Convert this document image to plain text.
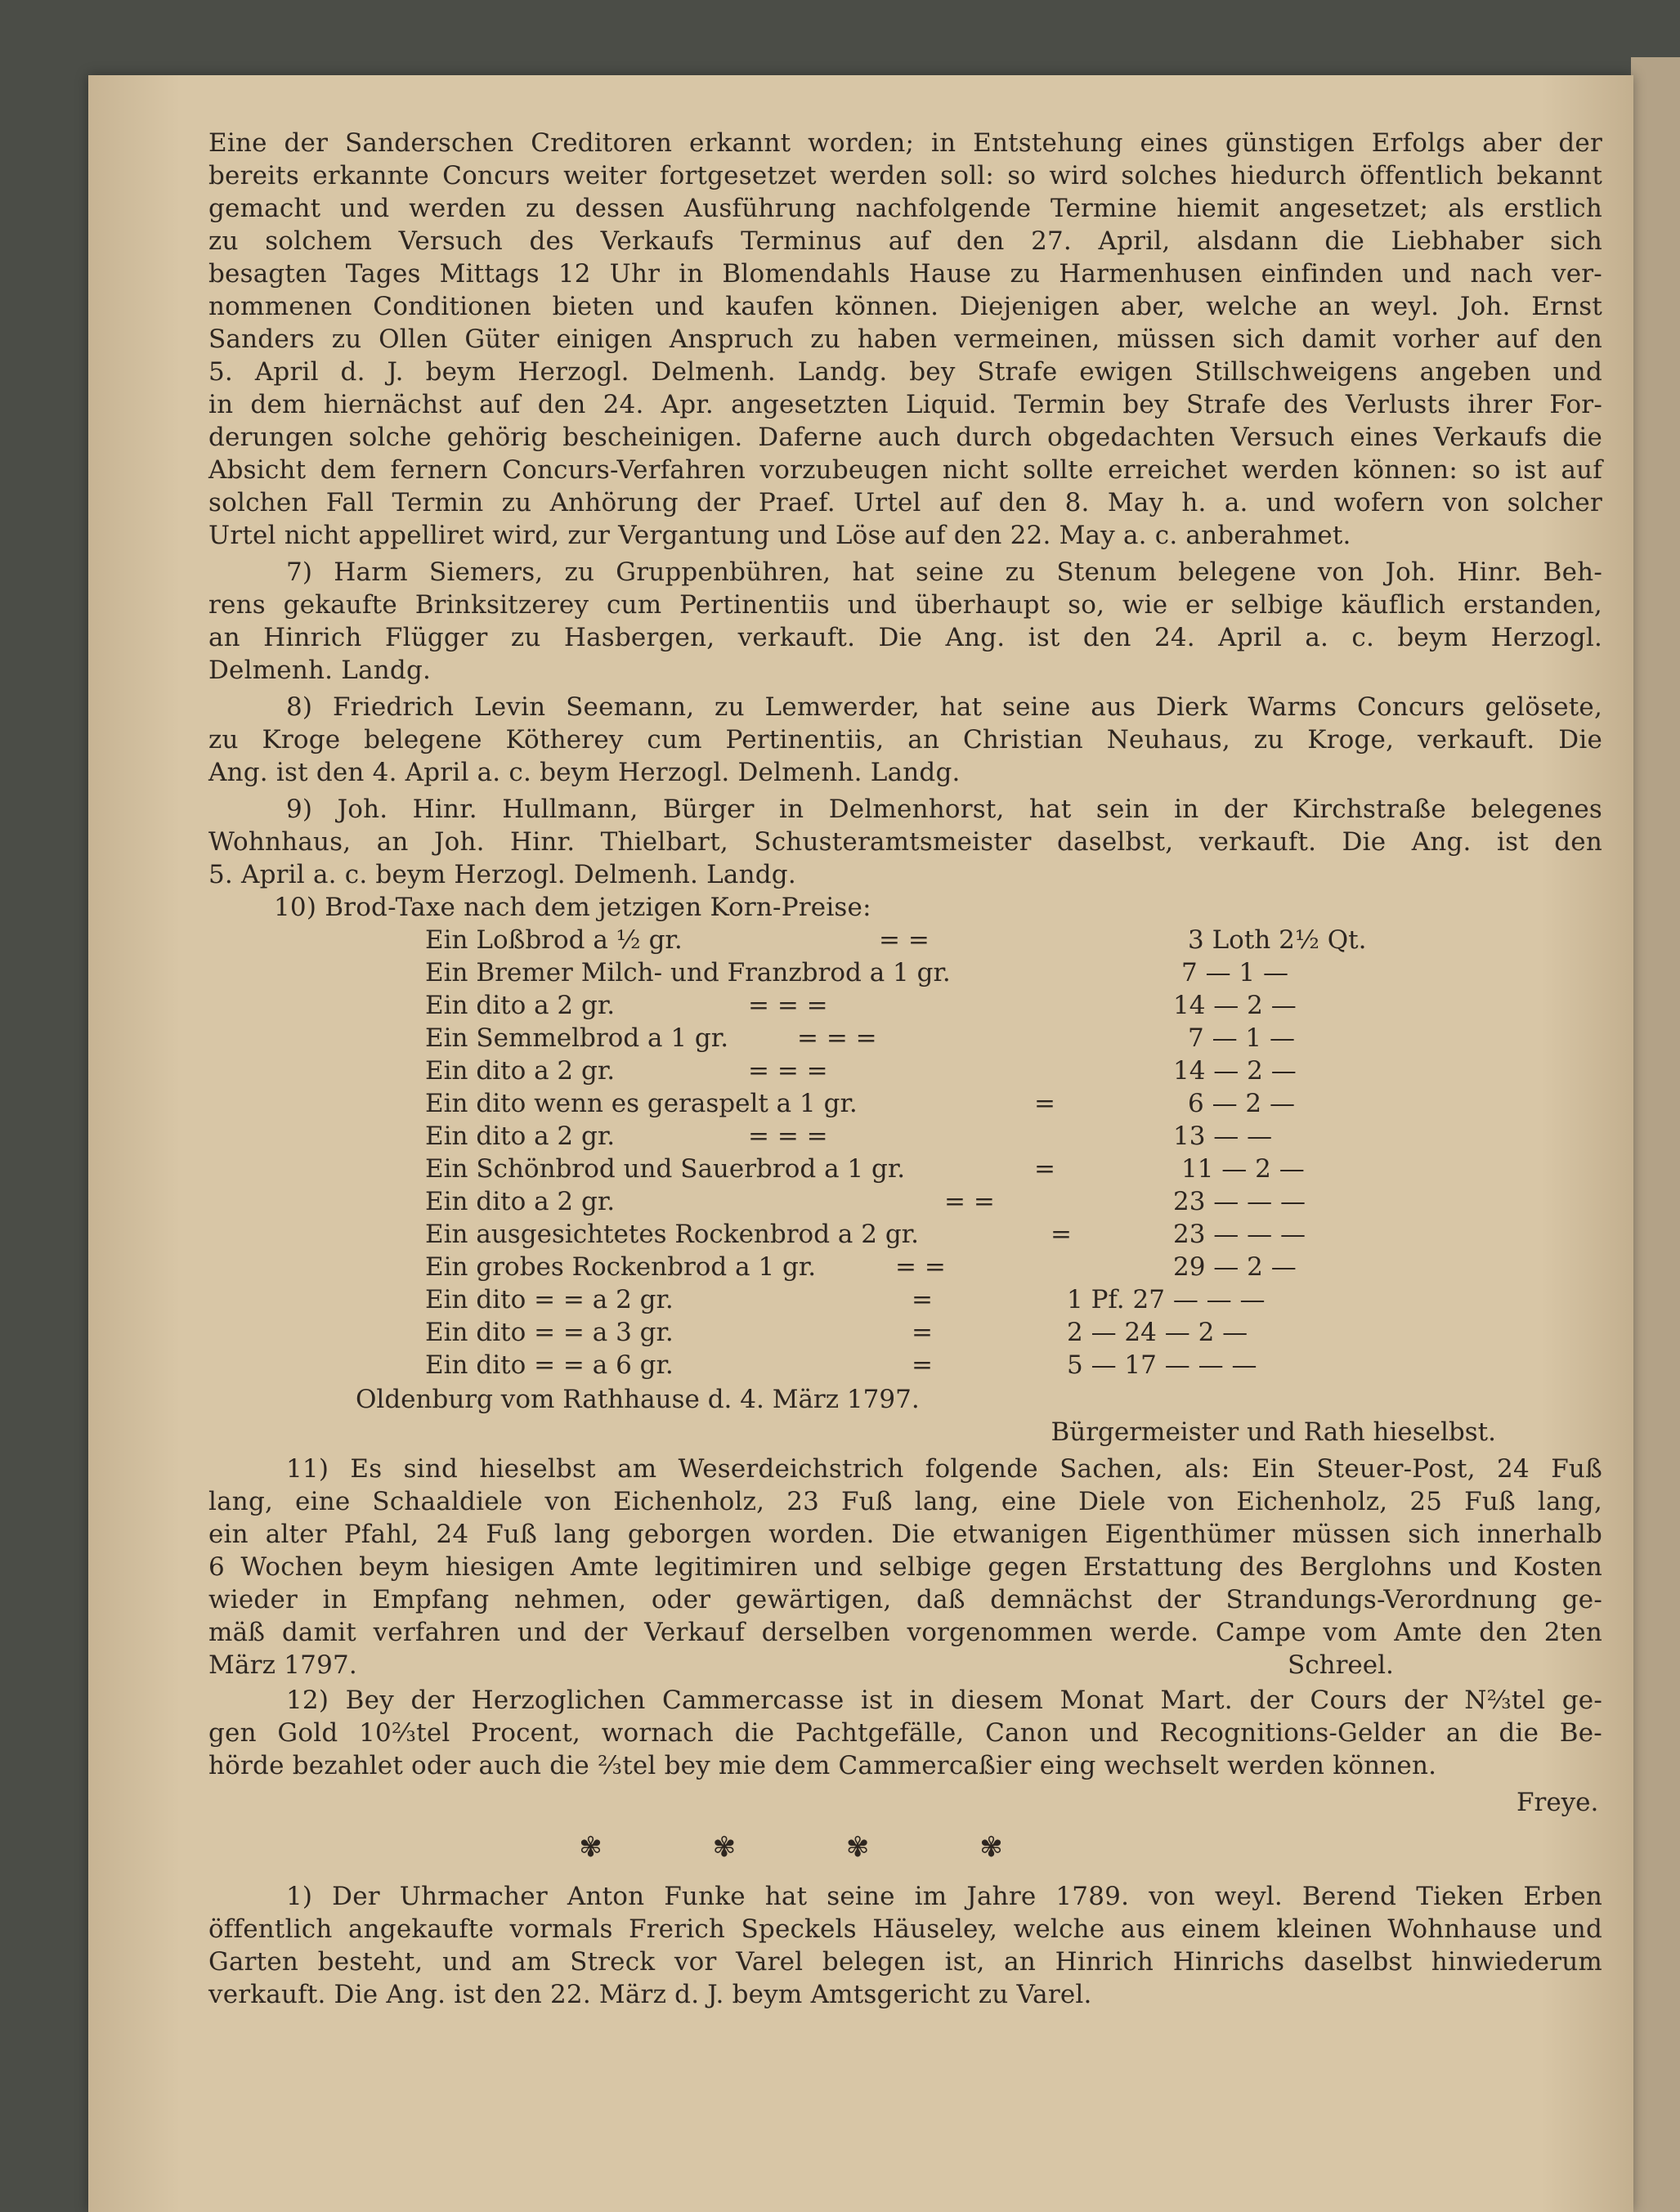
Eine der Sanderschen Creditoren erkannt worden; in Entstehung eines günstigen Erfolgs aber der
bereits erkannte Concurs weiter fortgesetzet werden soll: so wird solches hiedurch öffentlich bekannt
gemacht und werden zu dessen Ausführung nachfolgende Termine hiemit angesetzet; als erstlich
zu solchem Versuch des Verkaufs Terminus auf den 27. April, alsdann die Liebhaber sich
besagten Tages Mittags 12 Uhr in Blomendahls Hause zu Harmenhusen einfinden und nach ver-
nommenen Conditionen bieten und kaufen können. Diejenigen aber, welche an weyl. Joh. Ernst
Sanders zu Ollen Güter einigen Anspruch zu haben vermeinen, müssen sich damit vorher auf den
5. April d. J. beym Herzogl. Delmenh. Landg. bey Strafe ewigen Stillschweigens angeben und
in dem hiernächst auf den 24. Apr. angesetzten Liquid. Termin bey Strafe des Verlusts ihrer For-
derungen solche gehörig bescheinigen. Daferne auch durch obgedachten Versuch eines Verkaufs die
Absicht dem fernern Concurs-Verfahren vorzubeugen nicht sollte erreichet werden können: so ist auf
solchen Fall Termin zu Anhörung der Praef. Urtel auf den 8. May h. a. und wofern von solcher
Urtel nicht appelliret wird, zur Vergantung und Löse auf den 22. May a. c. anberahmet.
7) Harm Siemers, zu Gruppenbühren, hat seine zu Stenum belegene von Joh. Hinr. Beh-
rens gekaufte Brinksitzerey cum Pertinentiis und überhaupt so, wie er selbige käuflich erstanden,
an Hinrich Flügger zu Hasbergen, verkauft. Die Ang. ist den 24. April a. c. beym Herzogl.
Delmenh. Landg.
8) Friedrich Levin Seemann, zu Lemwerder, hat seine aus Dierk Warms Concurs gelösete,
zu Kroge belegene Kötherey cum Pertinentiis, an Christian Neuhaus, zu Kroge, verkauft. Die
Ang. ist den 4. April a. c. beym Herzogl. Delmenh. Landg.
9) Joh. Hinr. Hullmann, Bürger in Delmenhorst, hat sein in der Kirchstraße belegenes
Wohnhaus, an Joh. Hinr. Thielbart, Schusteramtsmeister daselbst, verkauft. Die Ang. ist den
5. April a. c. beym Herzogl. Delmenh. Landg.
10) Brod-Taxe nach dem jetzigen Korn-Preise:
Ein Loßbrod a ½ gr.	= =	3 Loth 2½ Qt.
Ein Bremer Milch- und Franzbrod a 1 gr.	7 — 1 —
Ein dito a 2 gr.	= = =	14 — 2 —
Ein Semmelbrod a 1 gr.	= = =	7 — 1 —
Ein dito a 2 gr.	= = =	14 — 2 —
Ein dito wenn es geraspelt a 1 gr.	=	6 — 2 —
Ein dito a 2 gr.	= = =	13 — —
Ein Schönbrod und Sauerbrod a 1 gr.	=	11 — 2 —
Ein dito a 2 gr.	= =	23 — — —
Ein ausgesichtetes Rockenbrod a 2 gr.	=	23 — — —
Ein grobes Rockenbrod a 1 gr.	= =	29 — 2 —
Ein dito = = a 2 gr.	=	1 Pf. 27 — — —
Ein dito = = a 3 gr.	=	2 — 24 — 2 —
Ein dito = = a 6 gr.	=	5 — 17 — — —
Oldenburg vom Rathhause d. 4. März 1797.
Bürgermeister und Rath hieselbst.
11) Es sind hieselbst am Weserdeichstrich folgende Sachen, als: Ein Steuer-Post, 24 Fuß
lang, eine Schaaldiele von Eichenholz, 23 Fuß lang, eine Diele von Eichenholz, 25 Fuß lang,
ein alter Pfahl, 24 Fuß lang geborgen worden. Die etwanigen Eigenthümer müssen sich innerhalb
6 Wochen beym hiesigen Amte legitimiren und selbige gegen Erstattung des Berglohns und Kosten
wieder in Empfang nehmen, oder gewärtigen, daß demnächst der Strandungs-Verordnung ge-
mäß damit verfahren und der Verkauf derselben vorgenommen werde. Campe vom Amte den 2ten
März 1797.	Schreel.
12) Bey der Herzoglichen Cammercasse ist in diesem Monat Mart. der Cours der N⅔tel ge-
gen Gold 10⅔tel Procent, wornach die Pachtgefälle, Canon und Recognitions-Gelder an die Be-
hörde bezahlet oder auch die ⅔tel bey mie dem Cammercaßier eing wechselt werden können.
Freye.
✾	✾	✾	✾
1) Der Uhrmacher Anton Funke hat seine im Jahre 1789. von weyl. Berend Tieken Erben
öffentlich angekaufte vormals Frerich Speckels Häuseley, welche aus einem kleinen Wohnhause und
Garten besteht, und am Streck vor Varel belegen ist, an Hinrich Hinrichs daselbst hinwiederum
verkauft. Die Ang. ist den 22. März d. J. beym Amtsgericht zu Varel.
